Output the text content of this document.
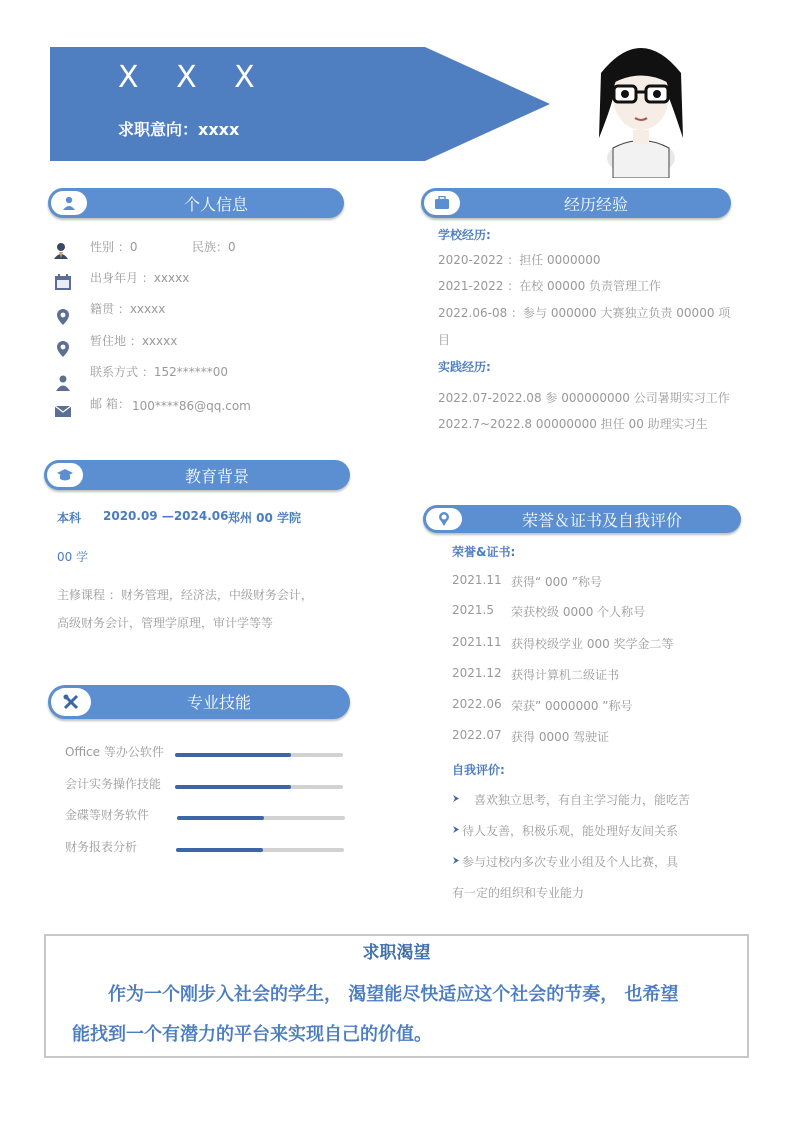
X X X
求职意向：xxxx
个人信息
性别 ：0	民族：0
出身年月 ：xxxxx
籍贯 ：xxxxx
暂住地 ：xxxxx
联系方式 ：152******00
邮 箱： 100****86@qq.com
经历经验
学校经历:
2020-2022 ：担任 0000000
2021-2022 ：在校 00000 负责管理工作
2022.06-08 ：参与 000000 大赛独立负责 00000 项
目
实践经历:
2022.07-2022.08 参 000000000 公司暑期实习工作
2022.7~2022.8 00000000 担任 00 助理实习生
教育背景
本科 2020.09 —2024.06 郑州 00 学院
00 学
主修课程 ：财务管理，经济法，中级财务会计，
高级财务会计，管理学原理，审计学等等
荣誉＆证书及自我评价
荣誉&证书:
2021.11 获得“ 000 ”称号
2021.5 荣获校级 0000 个人称号
2021.11 获得校级学业 000 奖学金二等
2021.12 获得计算机二级证书
2022.06 荣获” 0000000 ”称号
2022.07 获得 0000 驾驶证
自我评价:
喜欢独立思考，有自主学习能力，能吃苦
待人友善，积极乐观，能处理好友间关系
参与过校内多次专业小组及个人比赛，具
有一定的组织和专业能力
专业技能
Office 等办公软件
会计实务操作技能
金碟等财务软件
财务报表分析
求职渴望
作为一个刚步入社会的学生， 渴望能尽快适应这个社会的节奏， 也希望
能找到一个有潜力的平台来实现自己的价值。
